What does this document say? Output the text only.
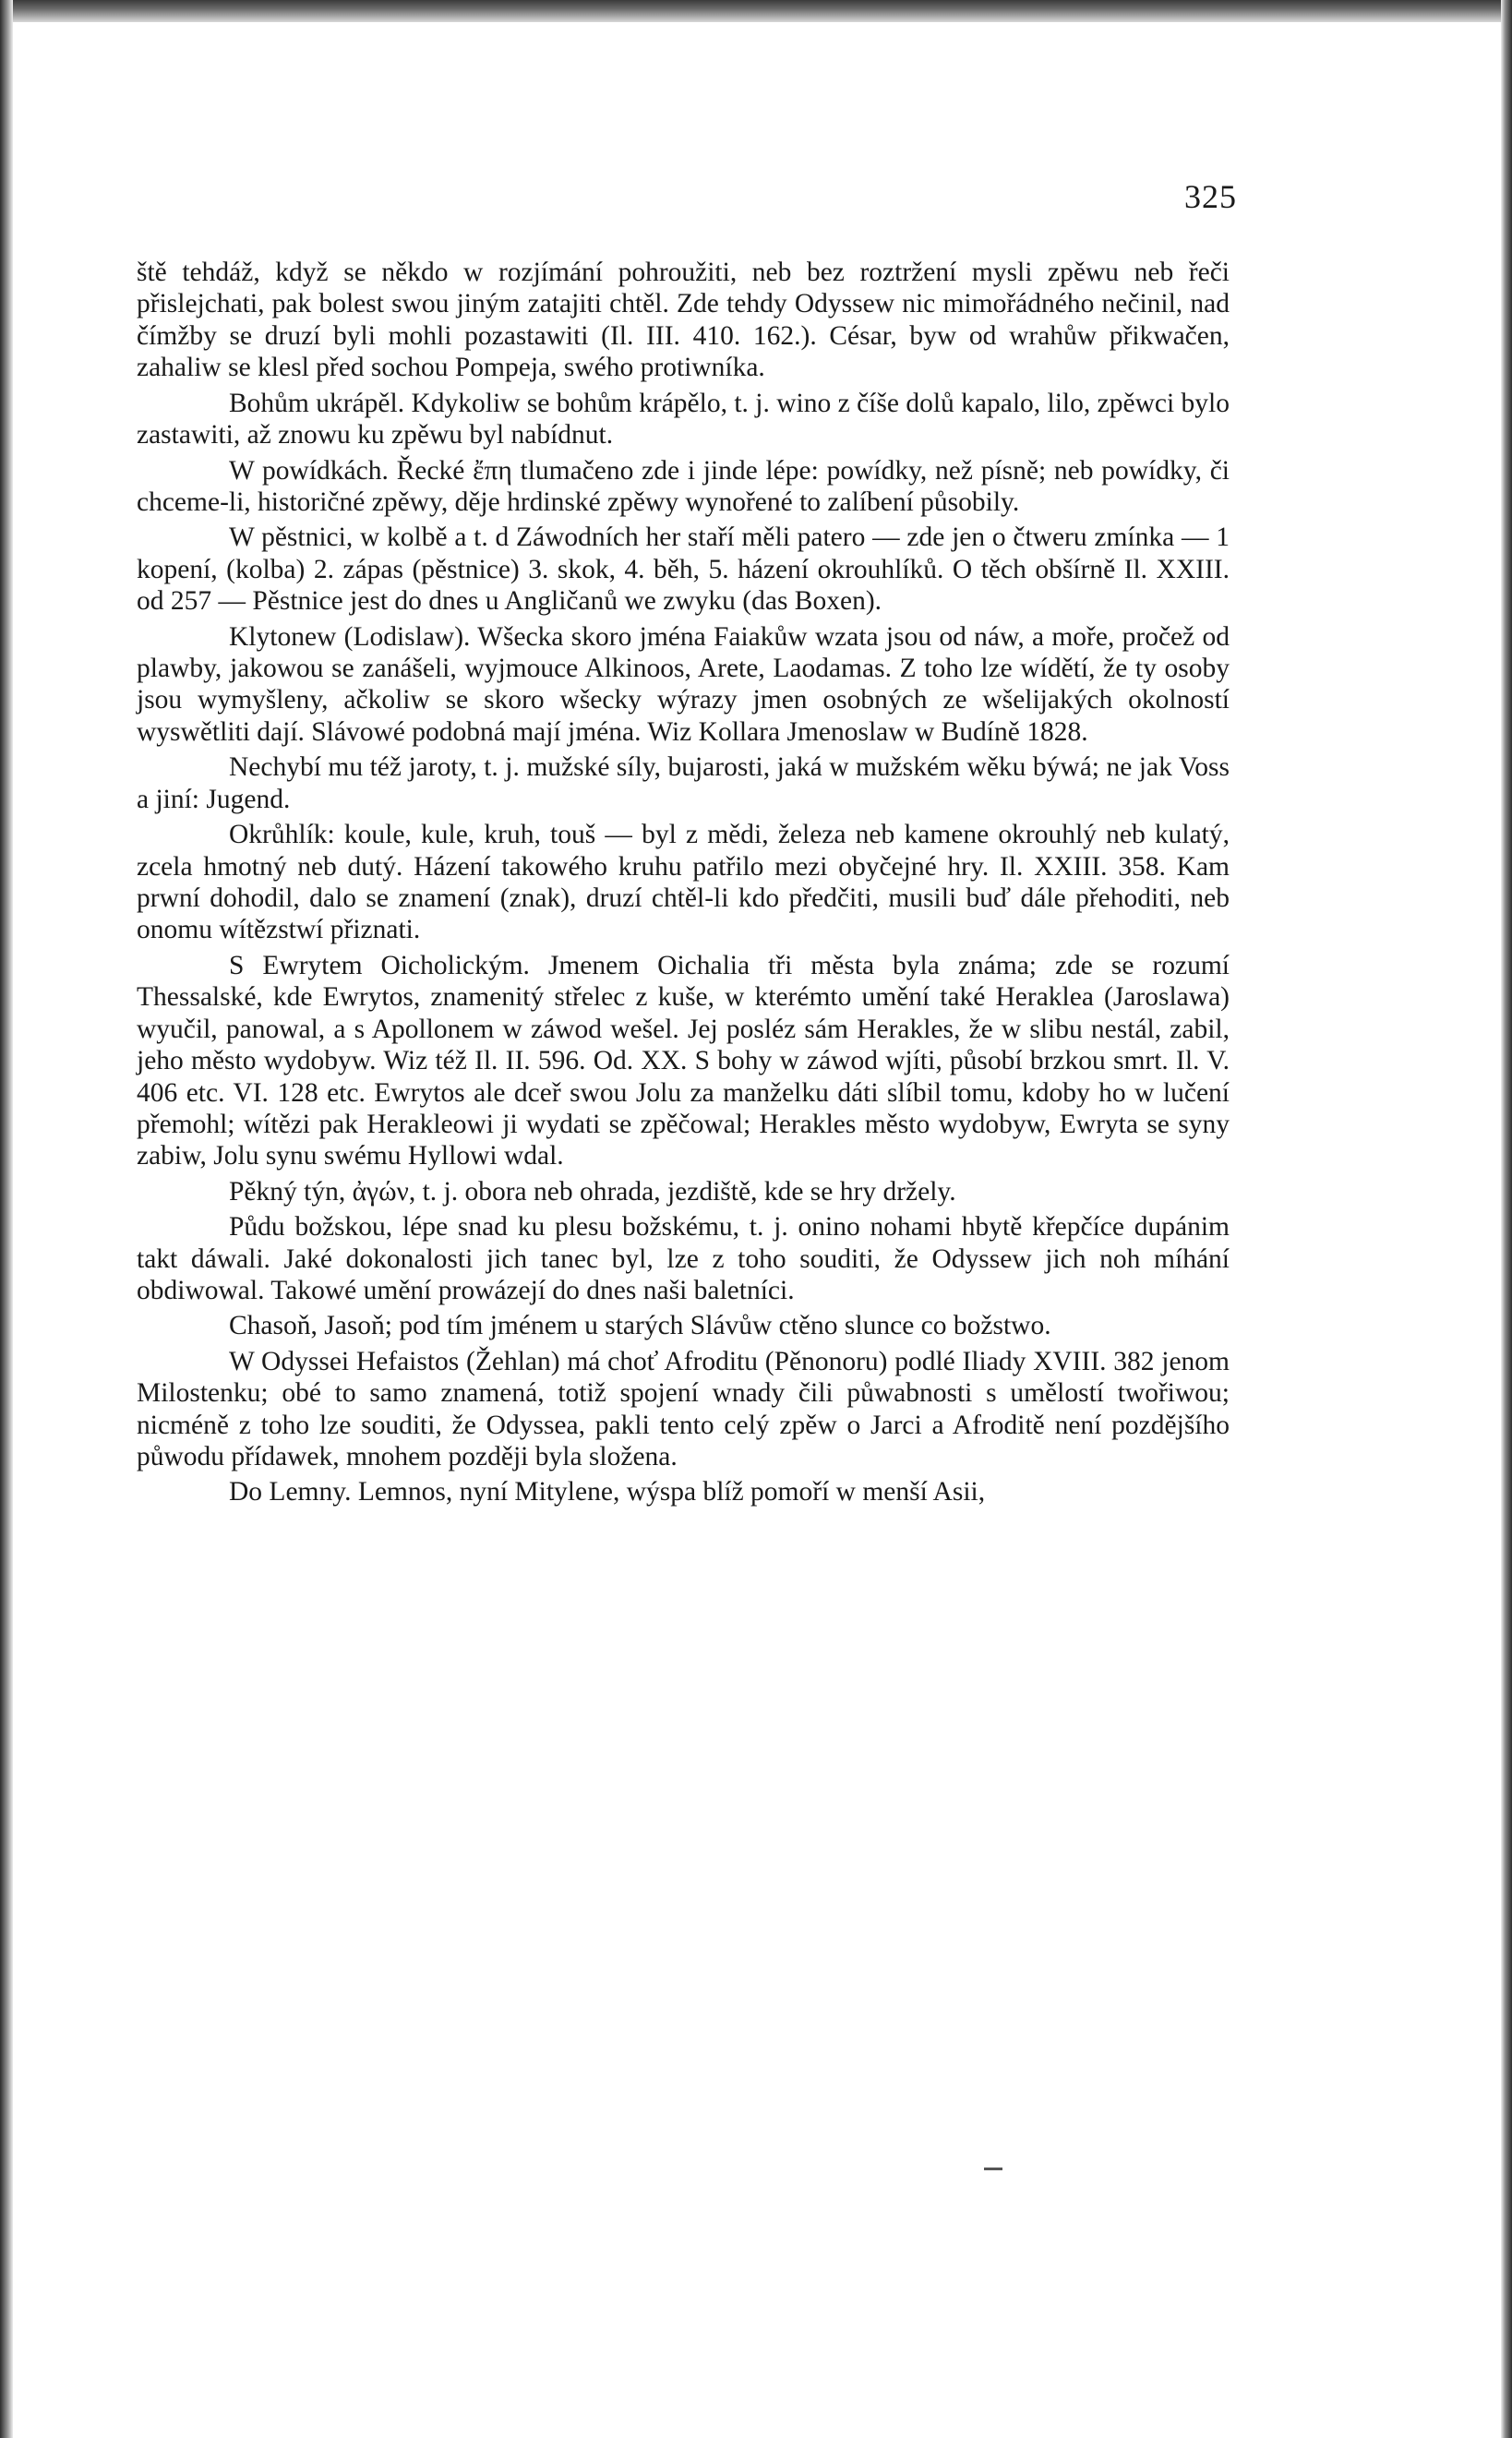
325

ště tehdáž, když se někdo w rozjímání pohroužiti, neb bez roztržení mysli zpěwu neb řeči přislejchati, pak bolest swou jiným zatajiti chtěl. Zde tehdy Odyssew nic mimořádného nečinil, nad čímžby se druzí byli mohli pozastawiti (Il. III. 410. 162.). César, byw od wrahůw přikwačen, zahaliw se klesl před sochou Pompeja, swého protiwníka.

Bohům ukrápěl. Kdykoliw se bohům krápělo, t. j. wino z číše dolů kapalo, lilo, zpěwci bylo zastawiti, až znowu ku zpěwu byl nabídnut.

W powídkách. Řecké ἔπη tlumačeno zde i jinde lépe: powídky, než písně; neb powídky, či chceme-li, historičné zpěwy, děje hrdinské zpěwy wynořené to zalíbení působily.

W pěstnici, w kolbě a t. d Záwodních her staří měli patero — zde jen o čtweru zmínka — 1 kopení, (kolba) 2. zápas (pěstnice) 3. skok, 4. běh, 5. házení okrouhlíků. O těch obšírně Il. XXIII. od 257 — Pěstnice jest do dnes u Angličanů we zwyku (das Boxen).

Klytonew (Lodislaw). Wšecka skoro jména Faiakůw wzata jsou od náw, a moře, pročež od plawby, jakowou se zanášeli, wyjmouce Alkinoos, Arete, Laodamas. Z toho lze wídětí, že ty osoby jsou wymyšleny, ačkoliw se skoro wšecky wýrazy jmen osobných ze wšelijakých okolností wyswětliti dají. Slávowé podobná mají jména. Wiz Kollara Jmenoslaw w Budíně 1828.

Nechybí mu též jaroty, t. j. mužské síly, bujarosti, jaká w mužském wěku býwá; ne jak Voss a jiní: Jugend.

Okrůhlík: koule, kule, kruh, touš — byl z mědi, železa neb kamene okrouhlý neb kulatý, zcela hmotný neb dutý. Házení takowého kruhu patřilo mezi obyčejné hry. Il. XXIII. 358. Kam prwní dohodil, dalo se znamení (znak), druzí chtěl-li kdo předčiti, musili buď dále přehoditi, neb onomu wítězstwí přiznati.

S Ewrytem Oicholickým. Jmenem Oichalia tři města byla známa; zde se rozumí Thessalské, kde Ewrytos, znamenitý střelec z kuše, w kterémto umění také Heraklea (Jaroslawa) wyučil, panowal, a s Apollonem w záwod wešel. Jej posléz sám Herakles, že w slibu nestál, zabil, jeho město wydobyw. Wiz též Il. II. 596. Od. XX. S bohy w záwod wjíti, působí brzkou smrt. Il. V. 406 etc. VI. 128 etc. Ewrytos ale dceř swou Jolu za manželku dáti slíbil tomu, kdoby ho w lučení přemohl; wítězi pak Herakleowi ji wydati se zpěčowal; Herakles město wydobyw, Ewryta se syny zabiw, Jolu synu swému Hyllowi wdal.

Pěkný týn, ἀγών, t. j. obora neb ohrada, jezdiště, kde se hry držely.

Půdu božskou, lépe snad ku plesu božskému, t. j. onino nohami hbytě křepčíce dupánim takt dáwali. Jaké dokonalosti jich tanec byl, lze z toho souditi, že Odyssew jich noh míhání obdiwowal. Takowé umění prowázejí do dnes naši baletníci.

Chasoň, Jasoň; pod tím jménem u starých Slávůw ctěno slunce co božstwo.

W Odyssei Hefaistos (Žehlan) má choť Afroditu (Pěnonoru) podlé Iliady XVIII. 382 jenom Milostenku; obé to samo znamená, totiž spojení wnady čili půwabnosti s umělostí twořiwou; nicméně z toho lze souditi, že Odyssea, pakli tento celý zpěw o Jarci a Afroditě není pozdějšího půwodu přídawek, mnohem později byla složena.

Do Lemny. Lemnos, nyní Mitylene, wýspa blíž pomoří w menší Asii,
